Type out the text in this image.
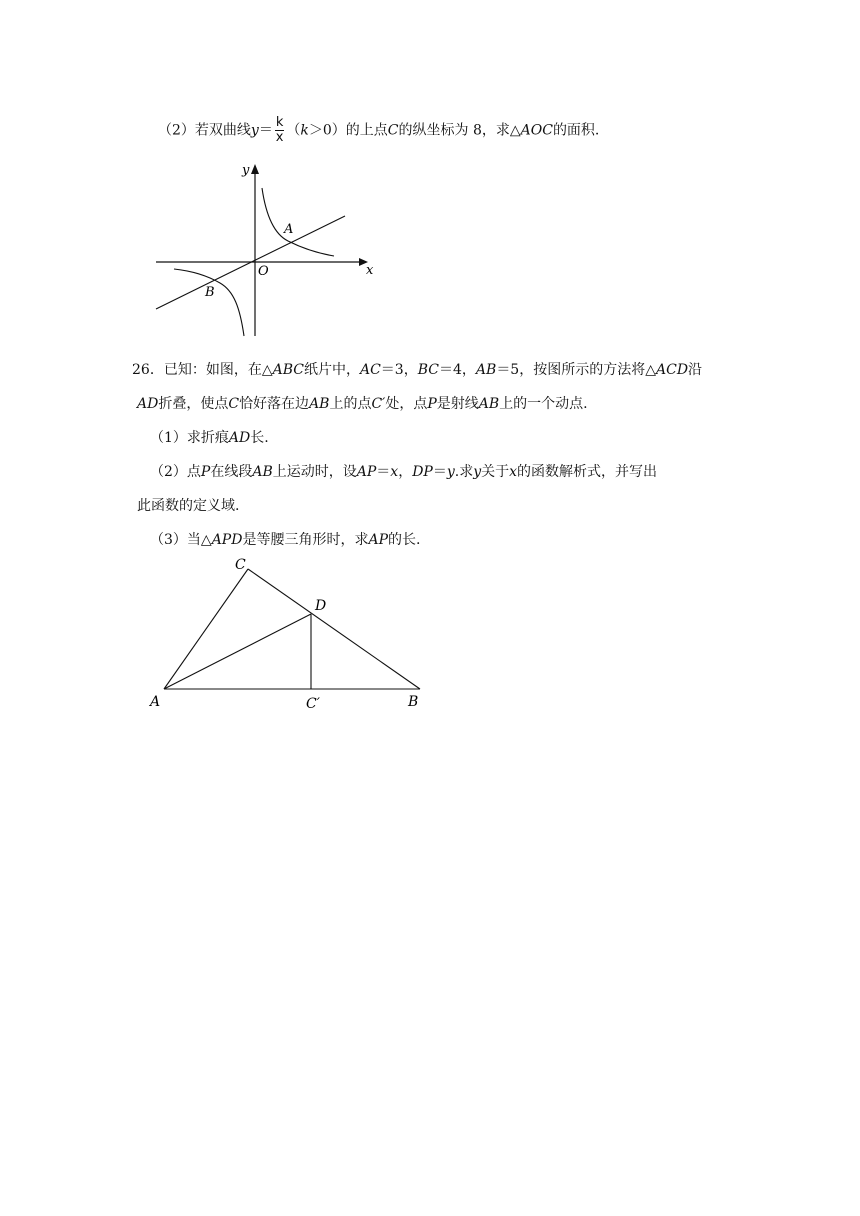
（2）若双曲线$y= \frac{k}{x} (k>0)$的上点C的纵坐标为 8，求△AOC的面积.
y
x
O
A
B
26．已知：如图，在△ABC纸片中，AC＝3，BC＝4，AB＝5，按图所示的方法将△ACD沿
AD折叠，使点C恰好落在边AB上的点C′处，点P是射线AB上的一个动点.
（1）求折痕AD长.
（2）点P在线段AB上运动时，设AP＝x，DP＝y.求y关于x的函数解析式，并写出
此函数的定义域.
（3）当△APD是等腰三角形时，求AP的长.
C
D
A	C′	B
